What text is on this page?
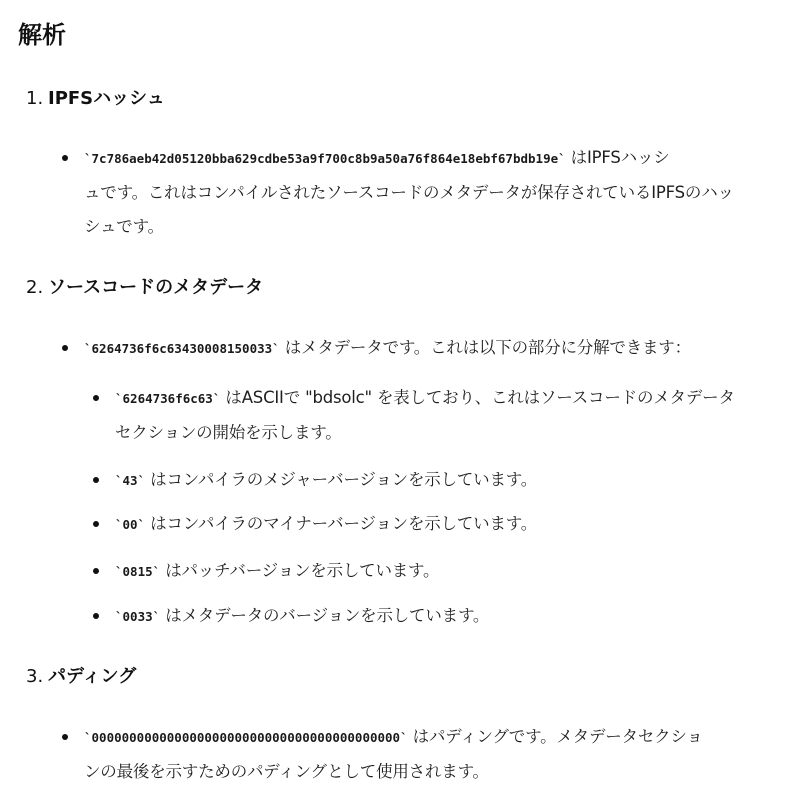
解析
1. IPFSハッシュ
`7c786aeb42d05120bba629cdbe53a9f700c8b9a50a76f864e18ebf67bdb19e` はIPFSハッシ
ュです。これはコンパイルされたソースコードのメタデータが保存されているIPFSのハッ
シュです。
2. ソースコードのメタデータ
`6264736f6c63430008150033` はメタデータです。これは以下の部分に分解できます：
`6264736f6c63` はASCIIで "bdsolc" を表しており、これはソースコードのメタデータ
セクションの開始を示します。
`43` はコンパイラのメジャーバージョンを示しています。
`00` はコンパイラのマイナーバージョンを示しています。
`0815` はパッチバージョンを示しています。
`0033` はメタデータのバージョンを示しています。
3. パディング
`00000000000000000000000000000000000000000` はパディングです。メタデータセクショ
ンの最後を示すためのパディングとして使用されます。
